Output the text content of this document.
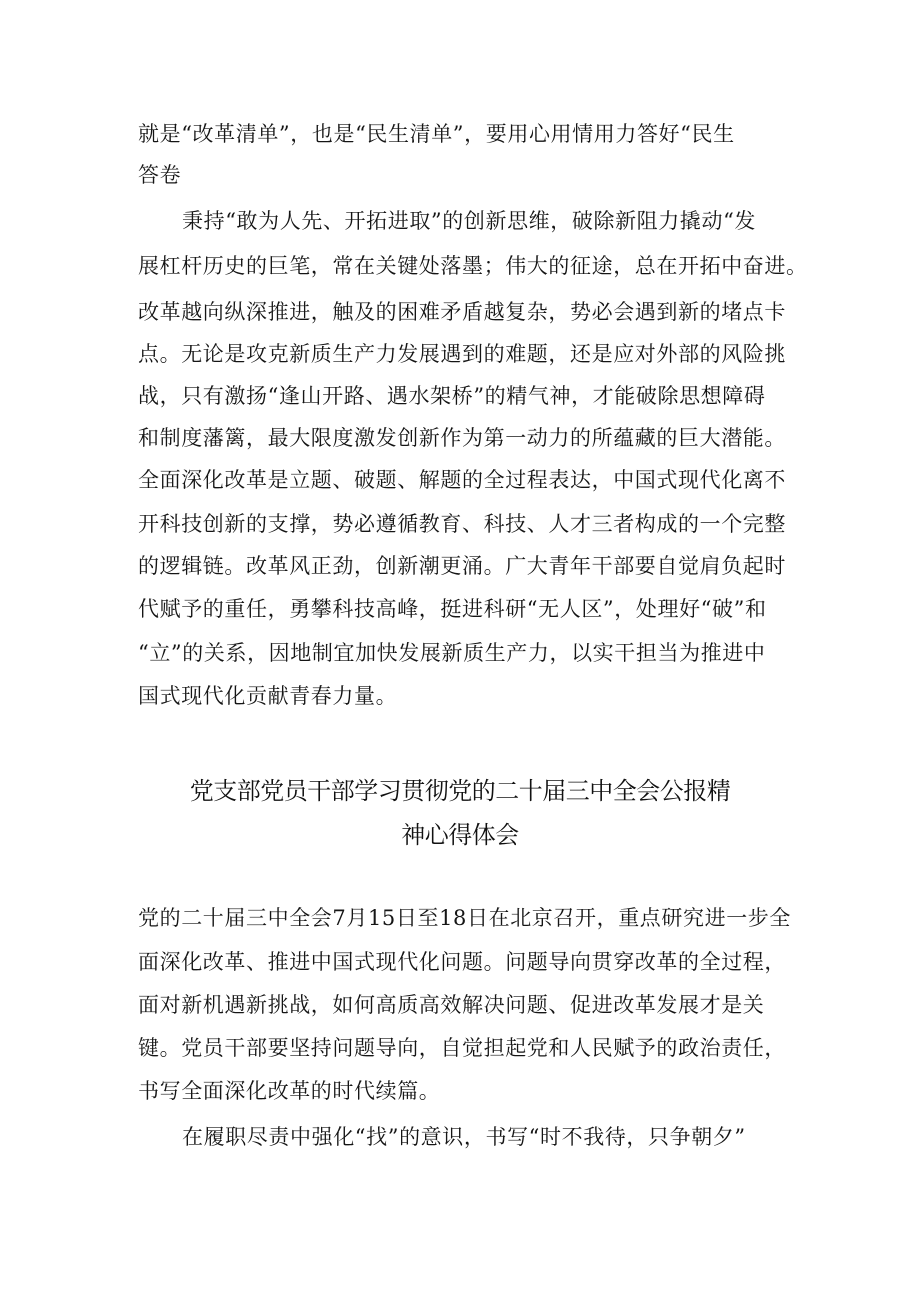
就是“改革清单”，也是“民生清单”，要用心用情用力答好“民生
答卷
秉持“敢为人先、开拓进取”的创新思维，破除新阻力撬动“发
展杠杆历史的巨笔，常在关键处落墨；伟大的征途，总在开拓中奋进。
改革越向纵深推进，触及的困难矛盾越复杂，势必会遇到新的堵点卡
点。无论是攻克新质生产力发展遇到的难题，还是应对外部的风险挑
战，只有激扬“逢山开路、遇水架桥”的精气神，才能破除思想障碍
和制度藩篱，最大限度激发创新作为第一动力的所蕴藏的巨大潜能。
全面深化改革是立题、破题、解题的全过程表达，中国式现代化离不
开科技创新的支撑，势必遵循教育、科技、人才三者构成的一个完整
的逻辑链。改革风正劲，创新潮更涌。广大青年干部要自觉肩负起时
代赋予的重任，勇攀科技高峰，挺进科研“无人区”，处理好“破”和
“立”的关系，因地制宜加快发展新质生产力，以实干担当为推进中
国式现代化贡献青春力量。
党支部党员干部学习贯彻党的二十届三中全会公报精
神心得体会
党的二十届三中全会7月15日至18日在北京召开，重点研究进一步全
面深化改革、推进中国式现代化问题。问题导向贯穿改革的全过程，
面对新机遇新挑战，如何高质高效解决问题、促进改革发展才是关
键。党员干部要坚持问题导向，自觉担起党和人民赋予的政治责任，
书写全面深化改革的时代续篇。
在履职尽责中强化“找”的意识，书写“时不我待，只争朝夕”
